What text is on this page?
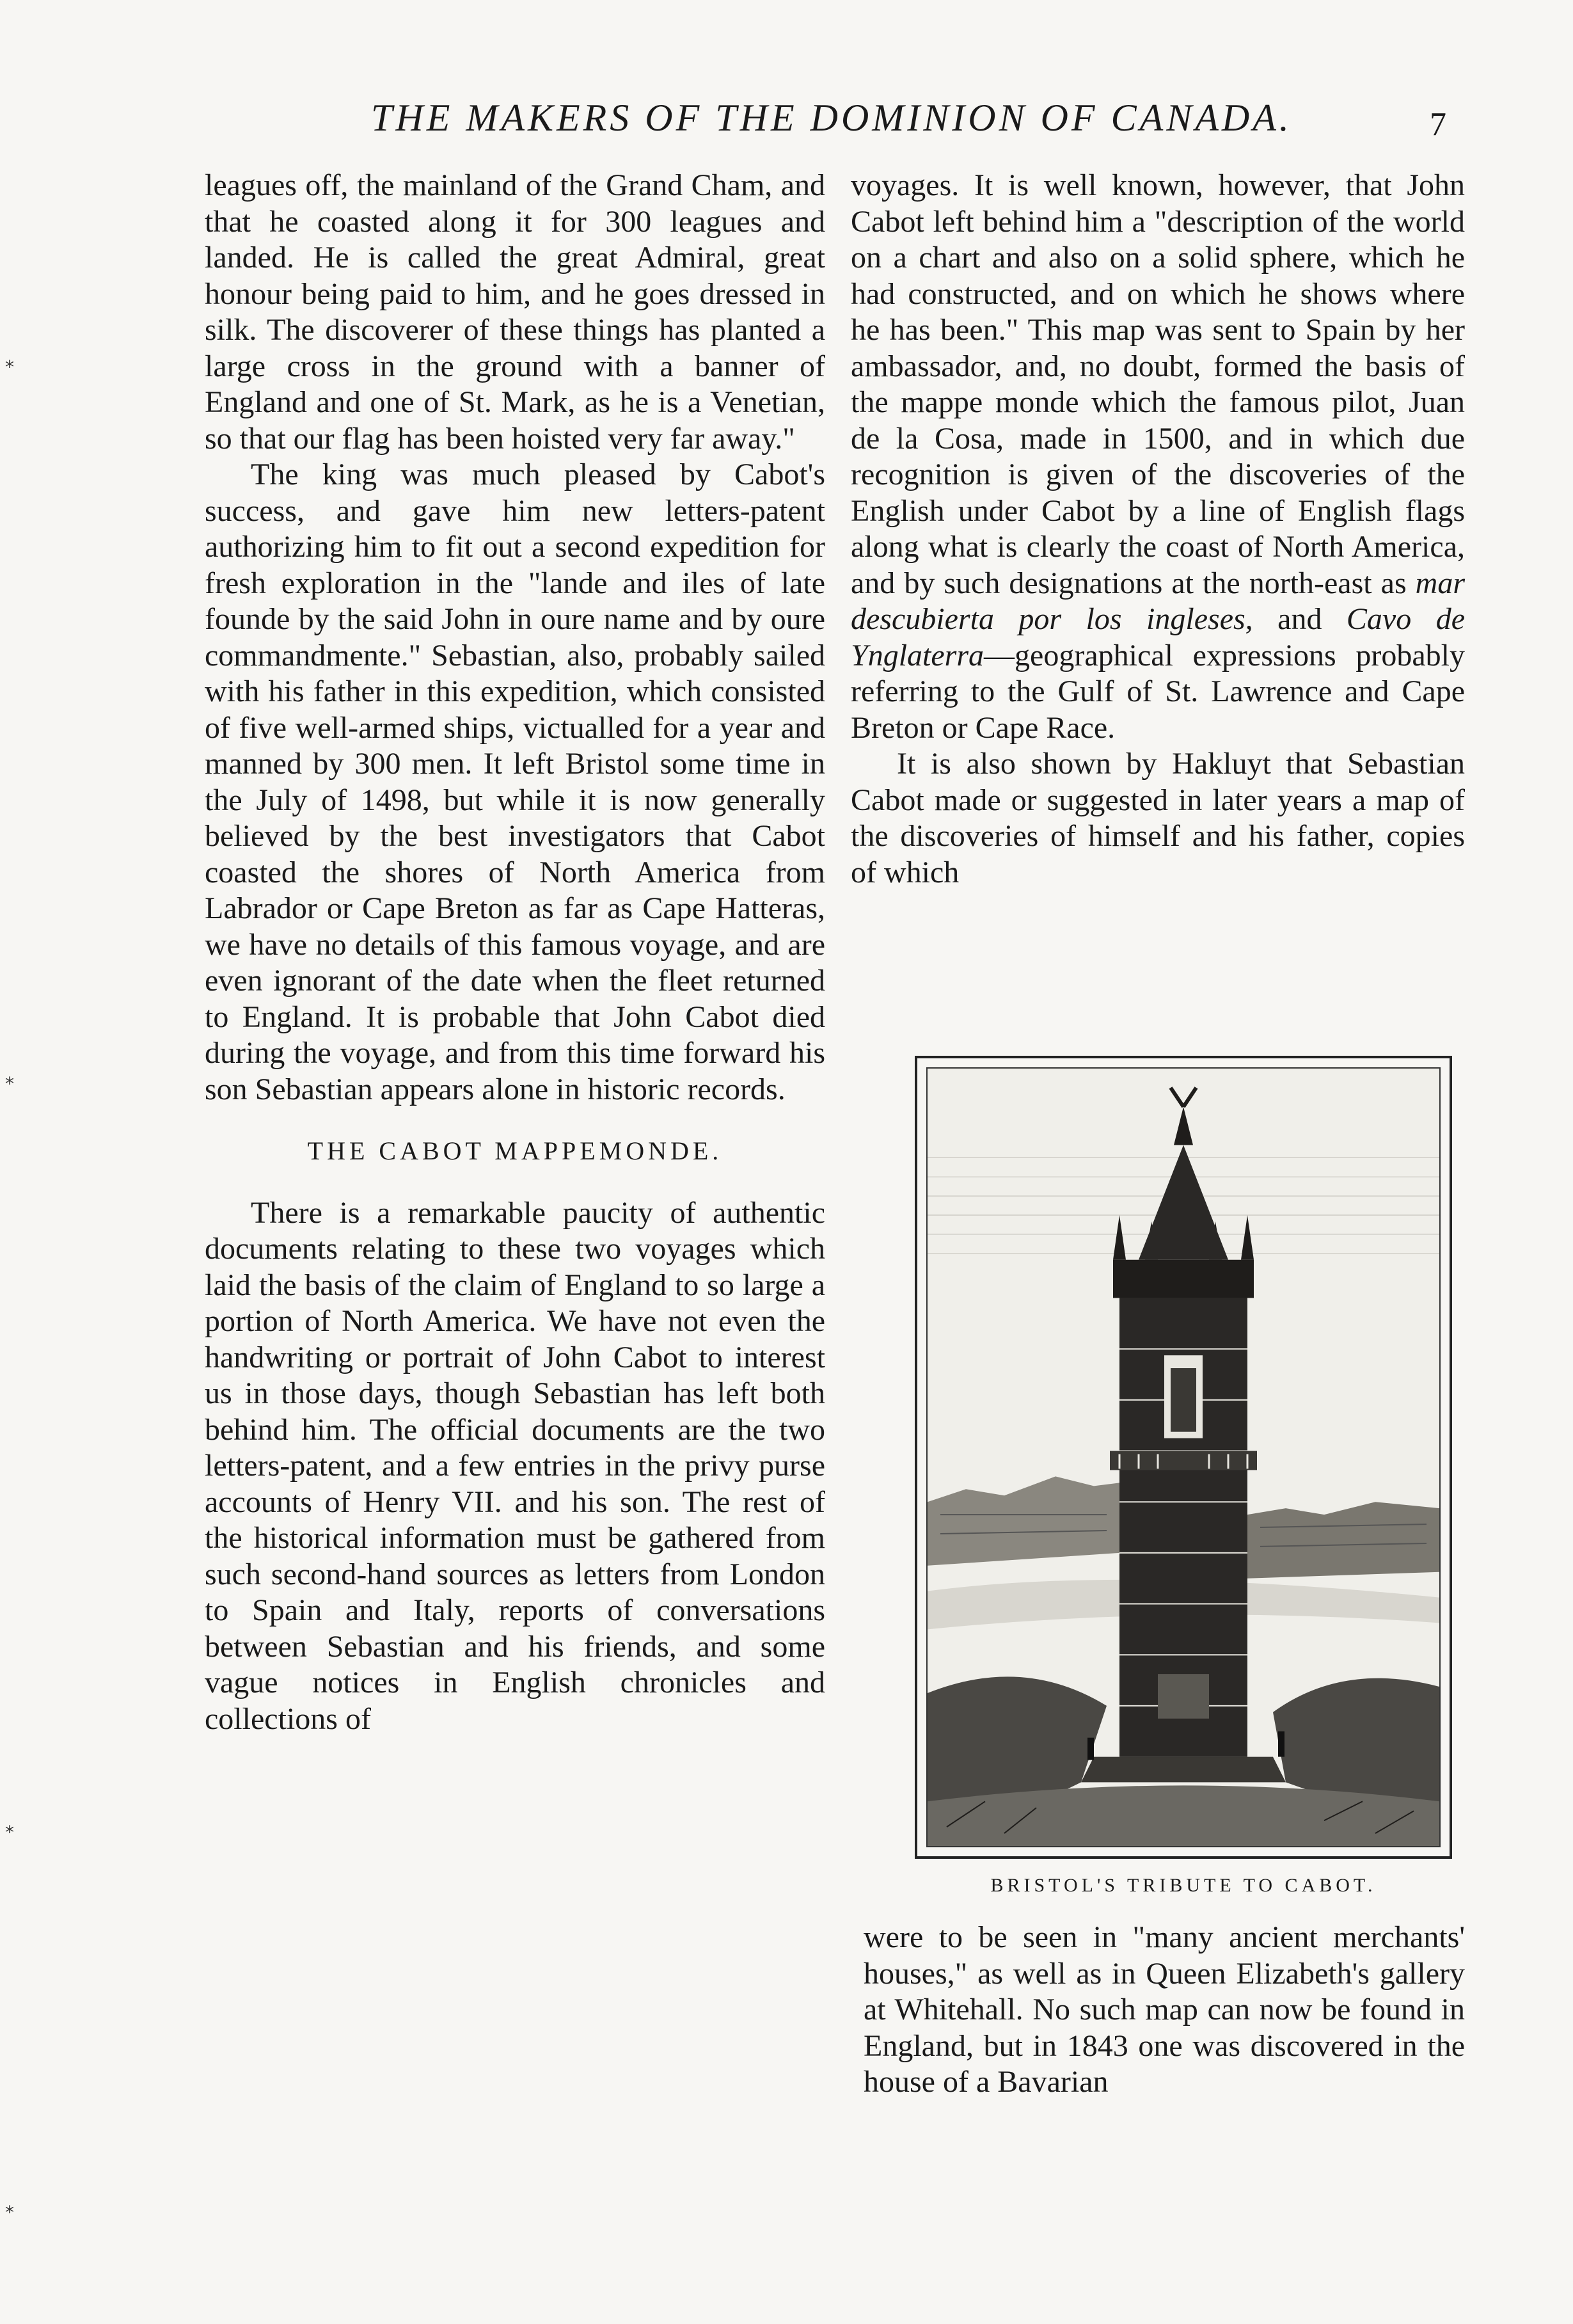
THE MAKERS OF THE DOMINION OF CANADA.	7
⁎
⁎
⁎
⁎

leagues off, the mainland of the Grand Cham, and that he coasted along it for 300 leagues and landed. He is called the great Admiral, great honour being paid to him, and he goes dressed in silk. The discoverer of these things has planted a large cross in the ground with a banner of England and one of St. Mark, as he is a Venetian, so that our flag has been hoisted very far away."

The king was much pleased by Cabot's success, and gave him new letters-patent authorizing him to fit out a second expedition for fresh exploration in the "lande and iles of late founde by the said John in oure name and by oure commandmente." Sebastian, also, probably sailed with his father in this expedition, which consisted of five well-armed ships, victualled for a year and manned by 300 men. It left Bristol some time in the July of 1498, but while it is now generally believed by the best investigators that Cabot coasted the shores of North America from Labrador or Cape Breton as far as Cape Hatteras, we have no details of this famous voyage, and are even ignorant of the date when the fleet returned to England. It is probable that John Cabot died during the voyage, and from this time forward his son Sebastian appears alone in historic records.

THE CABOT MAPPEMONDE.

There is a remarkable paucity of authentic documents relating to these two voyages which laid the basis of the claim of England to so large a portion of North America. We have not even the handwriting or portrait of John Cabot to interest us in those days, though Sebastian has left both behind him. The official documents are the two letters-patent, and a few entries in the privy purse accounts of Henry VII. and his son. The rest of the historical information must be gathered from such second-hand sources as letters from London to Spain and Italy, reports of conversations between Sebastian and his friends, and some vague notices in English chronicles and collections of

voyages. It is well known, however, that John Cabot left behind him a "description of the world on a chart and also on a solid sphere, which he had constructed, and on which he shows where he has been." This map was sent to Spain by her ambassador, and, no doubt, formed the basis of the mappe monde which the famous pilot, Juan de la Cosa, made in 1500, and in which due recognition is given of the discoveries of the English under Cabot by a line of English flags along what is clearly the coast of North America, and by such designations at the north-east as mar descubierta por los ingleses, and Cavo de Ynglaterra—geographical expressions probably referring to the Gulf of St. Lawrence and Cape Breton or Cape Race.

It is also shown by Hakluyt that Sebastian Cabot made or suggested in later years a map of the discoveries of himself and his father, copies of which

BRISTOL'S TRIBUTE TO CABOT.

were to be seen in "many ancient merchants' houses," as well as in Queen Elizabeth's gallery at Whitehall. No such map can now be found in England, but in 1843 one was discovered in the house of a Bavarian
